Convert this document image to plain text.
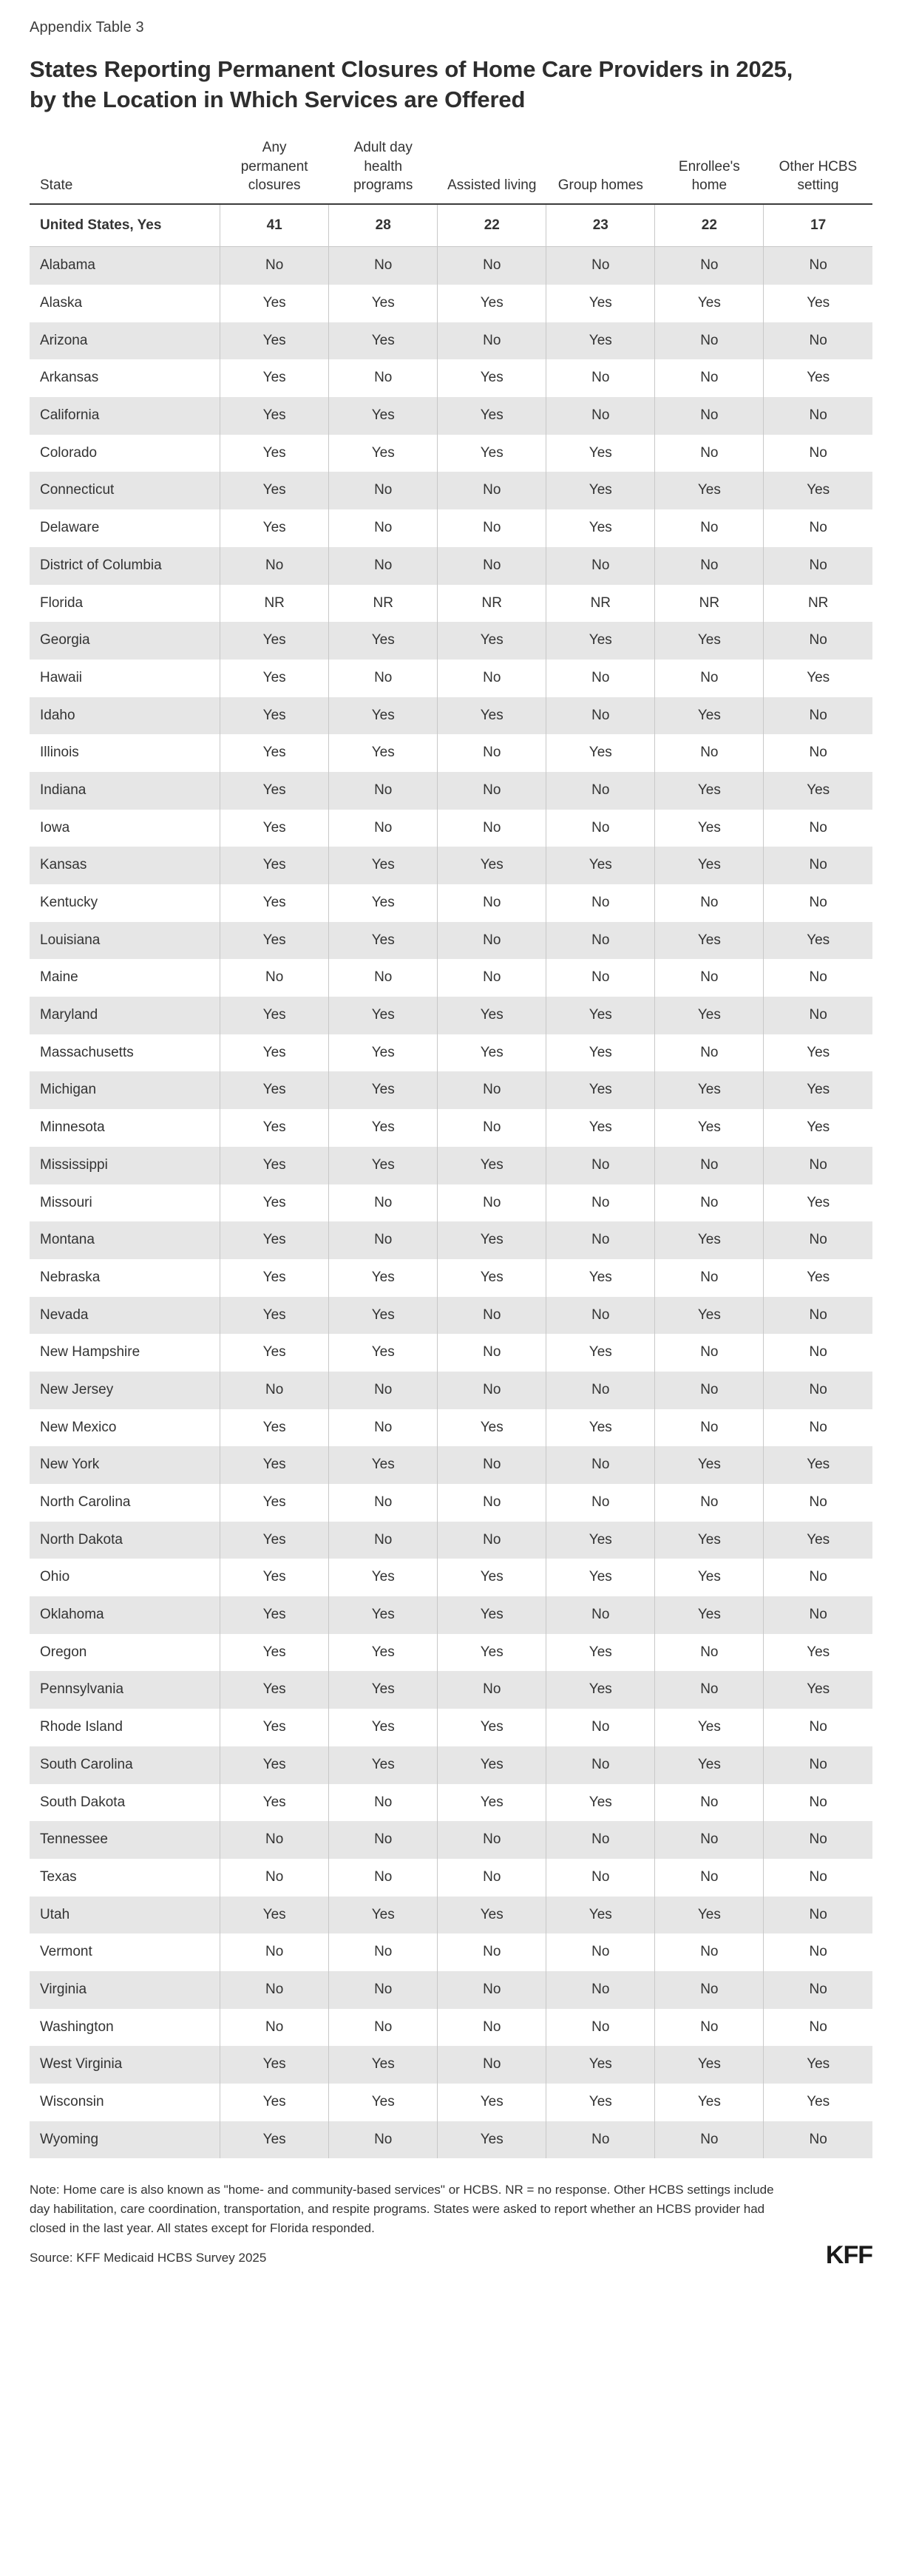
Appendix Table 3
States Reporting Permanent Closures of Home Care Providers in 2025, by the Location in Which Services are Offered
State	Any permanent closures	Adult day health programs	Assisted living	Group homes	Enrollee's home	Other HCBS setting
United States, Yes	41	28	22	23	22	17
Alabama	No	No	No	No	No	No
Alaska	Yes	Yes	Yes	Yes	Yes	Yes
Arizona	Yes	Yes	No	Yes	No	No
Arkansas	Yes	No	Yes	No	No	Yes
California	Yes	Yes	Yes	No	No	No
Colorado	Yes	Yes	Yes	Yes	No	No
Connecticut	Yes	No	No	Yes	Yes	Yes
Delaware	Yes	No	No	Yes	No	No
District of Columbia	No	No	No	No	No	No
Florida	NR	NR	NR	NR	NR	NR
Georgia	Yes	Yes	Yes	Yes	Yes	No
Hawaii	Yes	No	No	No	No	Yes
Idaho	Yes	Yes	Yes	No	Yes	No
Illinois	Yes	Yes	No	Yes	No	No
Indiana	Yes	No	No	No	Yes	Yes
Iowa	Yes	No	No	No	Yes	No
Kansas	Yes	Yes	Yes	Yes	Yes	No
Kentucky	Yes	Yes	No	No	No	No
Louisiana	Yes	Yes	No	No	Yes	Yes
Maine	No	No	No	No	No	No
Maryland	Yes	Yes	Yes	Yes	Yes	No
Massachusetts	Yes	Yes	Yes	Yes	No	Yes
Michigan	Yes	Yes	No	Yes	Yes	Yes
Minnesota	Yes	Yes	No	Yes	Yes	Yes
Mississippi	Yes	Yes	Yes	No	No	No
Missouri	Yes	No	No	No	No	Yes
Montana	Yes	No	Yes	No	Yes	No
Nebraska	Yes	Yes	Yes	Yes	No	Yes
Nevada	Yes	Yes	No	No	Yes	No
New Hampshire	Yes	Yes	No	Yes	No	No
New Jersey	No	No	No	No	No	No
New Mexico	Yes	No	Yes	Yes	No	No
New York	Yes	Yes	No	No	Yes	Yes
North Carolina	Yes	No	No	No	No	No
North Dakota	Yes	No	No	Yes	Yes	Yes
Ohio	Yes	Yes	Yes	Yes	Yes	No
Oklahoma	Yes	Yes	Yes	No	Yes	No
Oregon	Yes	Yes	Yes	Yes	No	Yes
Pennsylvania	Yes	Yes	No	Yes	No	Yes
Rhode Island	Yes	Yes	Yes	No	Yes	No
South Carolina	Yes	Yes	Yes	No	Yes	No
South Dakota	Yes	No	Yes	Yes	No	No
Tennessee	No	No	No	No	No	No
Texas	No	No	No	No	No	No
Utah	Yes	Yes	Yes	Yes	Yes	No
Vermont	No	No	No	No	No	No
Virginia	No	No	No	No	No	No
Washington	No	No	No	No	No	No
West Virginia	Yes	Yes	No	Yes	Yes	Yes
Wisconsin	Yes	Yes	Yes	Yes	Yes	Yes
Wyoming	Yes	No	Yes	No	No	No

Note: Home care is also known as "home- and community-based services" or HCBS. NR = no response. Other HCBS settings include day habilitation, care coordination, transportation, and respite programs. States were asked to report whether an HCBS provider had closed in the last year. All states except for Florida responded.

Source: KFF Medicaid HCBS Survey 2025	KFF
